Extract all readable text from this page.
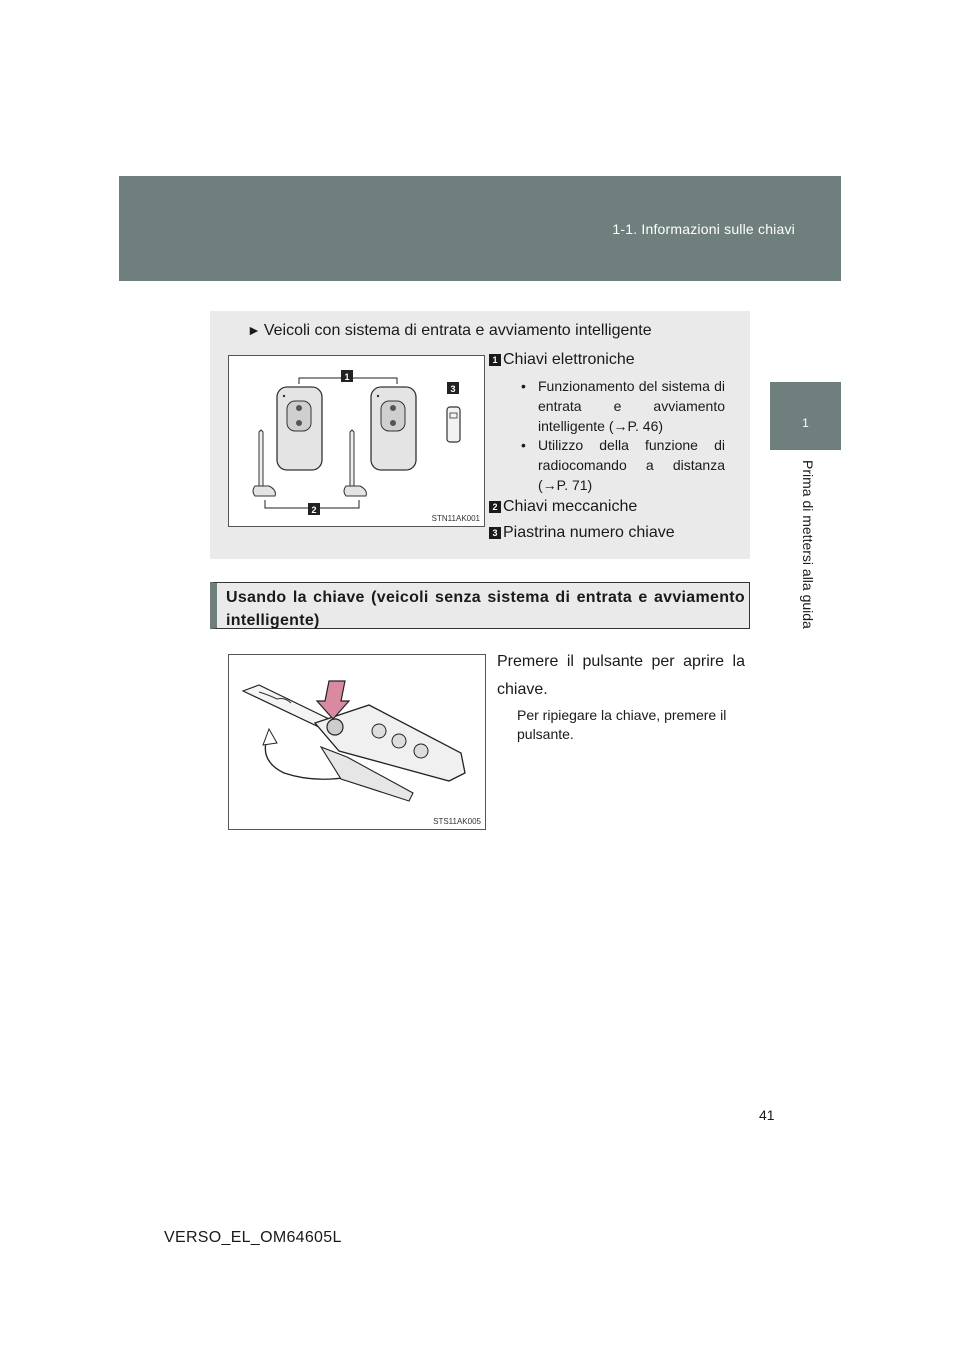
1-1. Informazioni sulle chiavi
1
Prima di mettersi alla guida
► Veicoli con sistema di entrata e avviamento intelligente
1
3
2
STN11AK001
1 Chiavi elettroniche
• Funzionamento del sistema di entrata e avviamento intelligente (→P. 46)
• Utilizzo della funzione di radiocomando a distanza (→P. 71)
2 Chiavi meccaniche
3 Piastrina numero chiave
Usando la chiave (veicoli senza sistema di entrata e avviamento intelligente)
STS11AK005
Premere il pulsante per aprire la chiave.
Per ripiegare la chiave, premere il pulsante.
41
VERSO_EL_OM64605L
